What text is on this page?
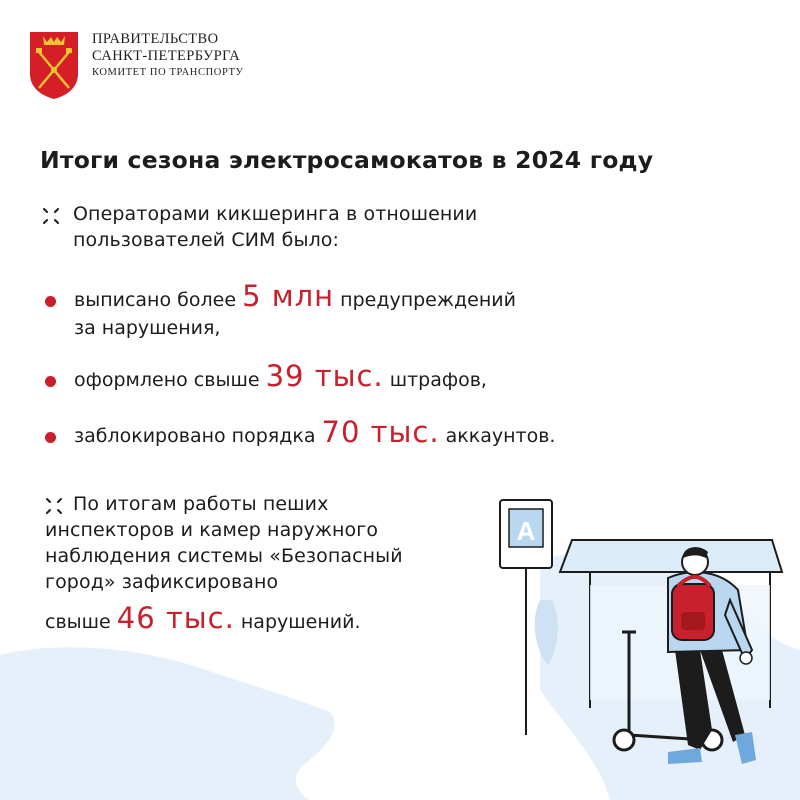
ПРАВИТЕЛЬСТВО
САНКТ-ПЕТЕРБУРГА
КОМИТЕТ ПО ТРАНСПОРТУ
Итоги сезона электросамокатов в 2024 году
Операторами кикшеринга в отношении
пользователей СИМ было:
выписано более 5 млн предупреждений
за нарушения,
оформлено свыше 39 тыс. штрафов,
заблокировано порядка 70 тыс. аккаунтов.
По итогам работы пеших
инспекторов и камер наружного
наблюдения системы «Безопасный
город» зафиксировано
свыше 46 тыс. нарушений.
А
